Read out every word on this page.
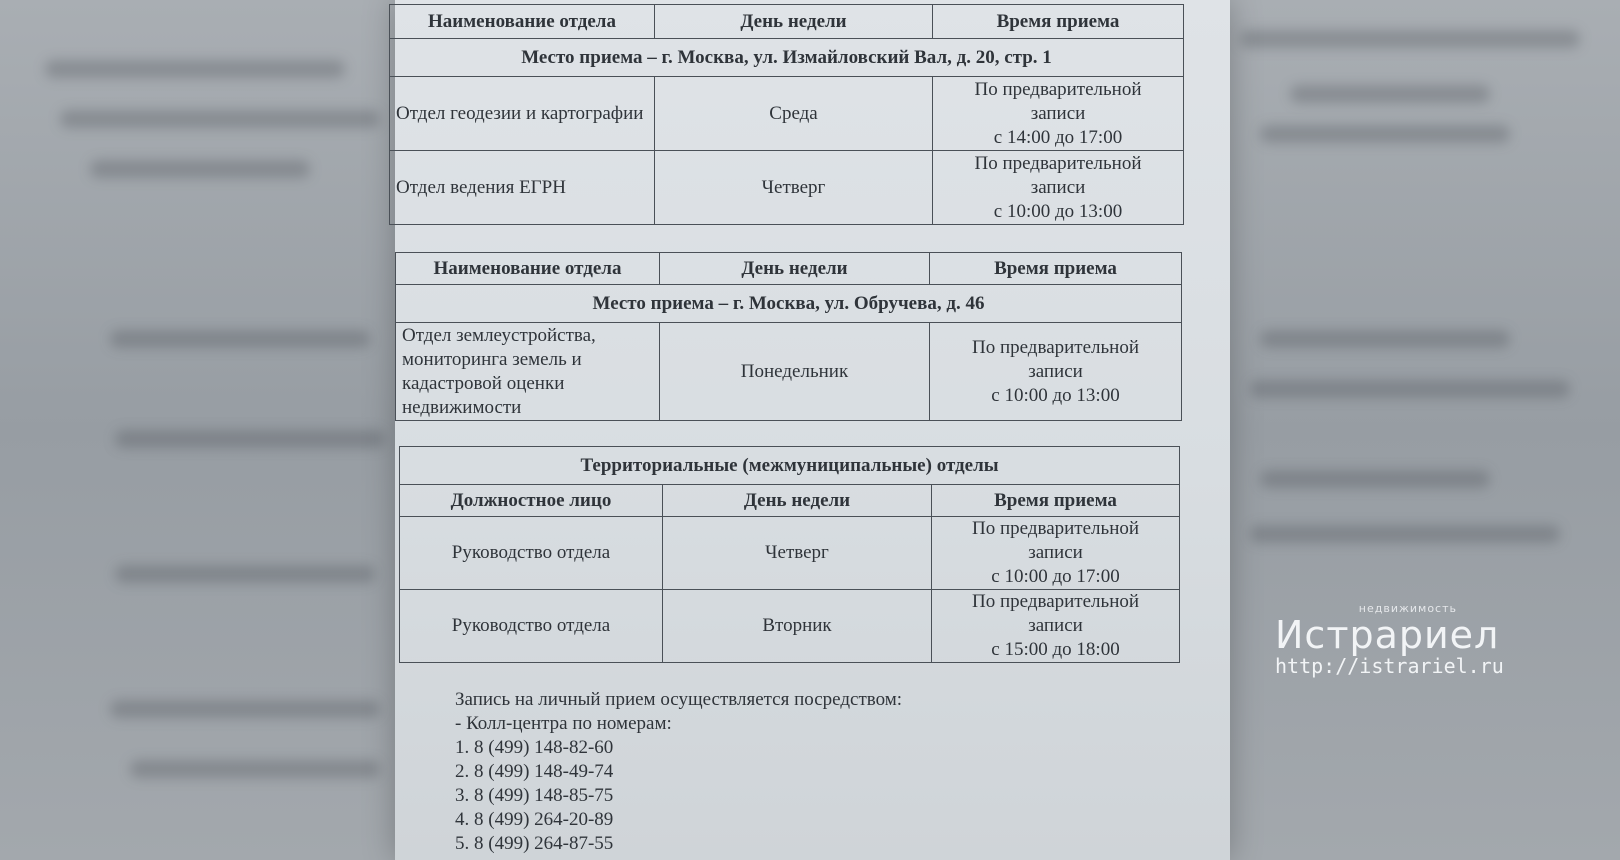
Наименование отдела	День недели	Время приема
Место приема – г. Москва, ул. Измайловский Вал, д. 20, стр. 1		
Отдел геодезии и картографии	Среда	По предварительной
записи
с 14:00 до 17:00

Отдел ведения ЕГРН	Четверг	По предварительной
записи
с 10:00 до 13:00
Наименование отдела	День недели	Время приема
Место приема – г. Москва, ул. Обручева, д. 46		
Отдел землеустройства, мониторинга земель и кадастровой оценки недвижимости	Понедельник	По предварительной
записи
с 10:00 до 13:00
Территориальные (межмуниципальные) отделы		
Должностное лицо	День недели	Время приема
Руководство отдела	Четверг	По предварительной
записи
с 10:00 до 17:00

Руководство отдела	Вторник	По предварительной
записи
с 15:00 до 18:00
Запись на личный прием осуществляется посредством:
- Колл-центра по номерам:
1. 8 (499) 148-82-60
2. 8 (499) 148-49-74
3. 8 (499) 148-85-75
4. 8 (499) 264-20-89
5. 8 (499) 264-87-55
недвижимость
Истрариел
http://istrariel.ru
